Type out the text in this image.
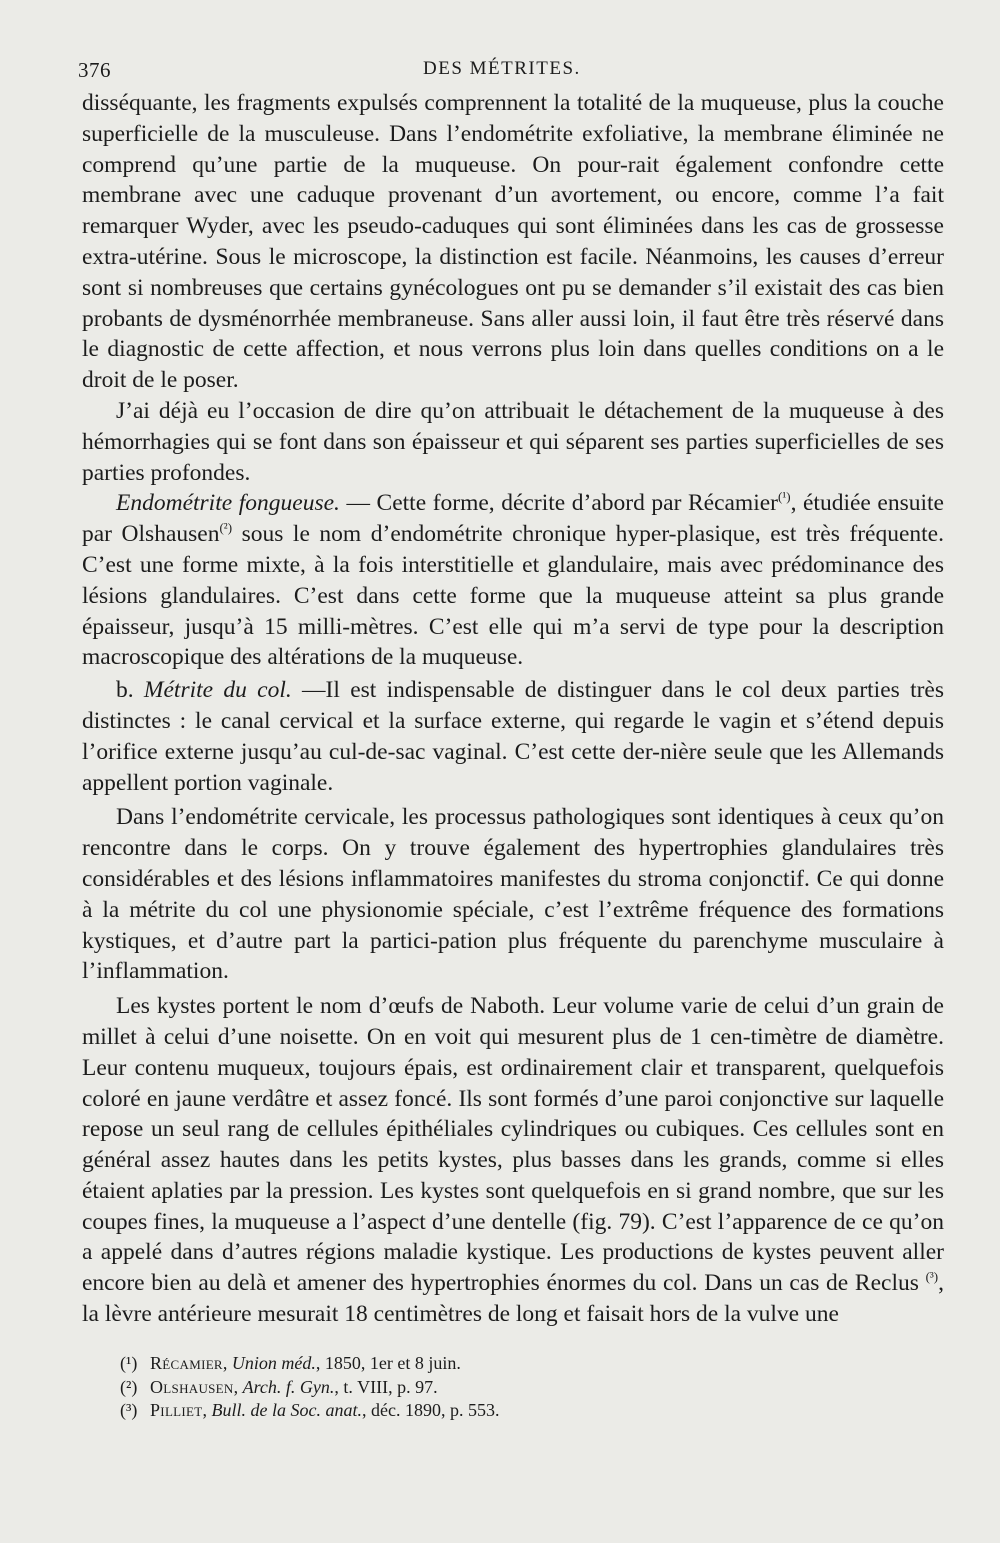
376	DES MÉTRITES.

disséquante, les fragments expulsés comprennent la totalité de la muqueuse, plus la couche superficielle de la musculeuse. Dans l’endométrite exfoliative, la membrane éliminée ne comprend qu’une partie de la muqueuse. On pour-rait également confondre cette membrane avec une caduque provenant d’un avortement, ou encore, comme l’a fait remarquer Wyder, avec les pseudo-caduques qui sont éliminées dans les cas de grossesse extra-utérine. Sous le microscope, la distinction est facile. Néanmoins, les causes d’erreur sont si nombreuses que certains gynécologues ont pu se demander s’il existait des cas bien probants de dysménorrhée membraneuse. Sans aller aussi loin, il faut être très réservé dans le diagnostic de cette affection, et nous verrons plus loin dans quelles conditions on a le droit de le poser.

J’ai déjà eu l’occasion de dire qu’on attribuait le détachement de la muqueuse à des hémorrhagies qui se font dans son épaisseur et qui séparent ses parties superficielles de ses parties profondes.

Endométrite fongueuse. — Cette forme, décrite d’abord par Récamier$^{(^1)}$, étudiée ensuite par Olshausen$^{(^2)}$ sous le nom d’endométrite chronique hyper-plasique, est très fréquente. C’est une forme mixte, à la fois interstitielle et glandulaire, mais avec prédominance des lésions glandulaires. C’est dans cette forme que la muqueuse atteint sa plus grande épaisseur, jusqu’à 15 milli-mètres. C’est elle qui m’a servi de type pour la description macroscopique des altérations de la muqueuse.

b. Métrite du col. —Il est indispensable de distinguer dans le col deux parties très distinctes : le canal cervical et la surface externe, qui regarde le vagin et s’étend depuis l’orifice externe jusqu’au cul-de-sac vaginal. C’est cette der-nière seule que les Allemands appellent portion vaginale.

Dans l’endométrite cervicale, les processus pathologiques sont identiques à ceux qu’on rencontre dans le corps. On y trouve également des hypertrophies glandulaires très considérables et des lésions inflammatoires manifestes du stroma conjonctif. Ce qui donne à la métrite du col une physionomie spéciale, c’est l’extrême fréquence des formations kystiques, et d’autre part la partici-pation plus fréquente du parenchyme musculaire à l’inflammation.

Les kystes portent le nom d’œufs de Naboth. Leur volume varie de celui d’un grain de millet à celui d’une noisette. On en voit qui mesurent plus de 1 cen-timètre de diamètre. Leur contenu muqueux, toujours épais, est ordinairement clair et transparent, quelquefois coloré en jaune verdâtre et assez foncé. Ils sont formés d’une paroi conjonctive sur laquelle repose un seul rang de cellules épithéliales cylindriques ou cubiques. Ces cellules sont en général assez hautes dans les petits kystes, plus basses dans les grands, comme si elles étaient aplaties par la pression. Les kystes sont quelquefois en si grand nombre, que sur les coupes fines, la muqueuse a l’aspect d’une dentelle (fig. 79). C’est l’apparence de ce qu’on a appelé dans d’autres régions maladie kystique. Les productions de kystes peuvent aller encore bien au delà et amener des hypertrophies énormes du col. Dans un cas de Reclus $^{(^3)}$, la lèvre antérieure mesurait 18 centimètres de long et faisait hors de la vulve une

(¹) Récamier, Union méd., 1850, 1er et 8 juin.
(²) Olshausen, Arch. f. Gyn., t. VIII, p. 97.
(³) Pilliet, Bull. de la Soc. anat., déc. 1890, p. 553.
